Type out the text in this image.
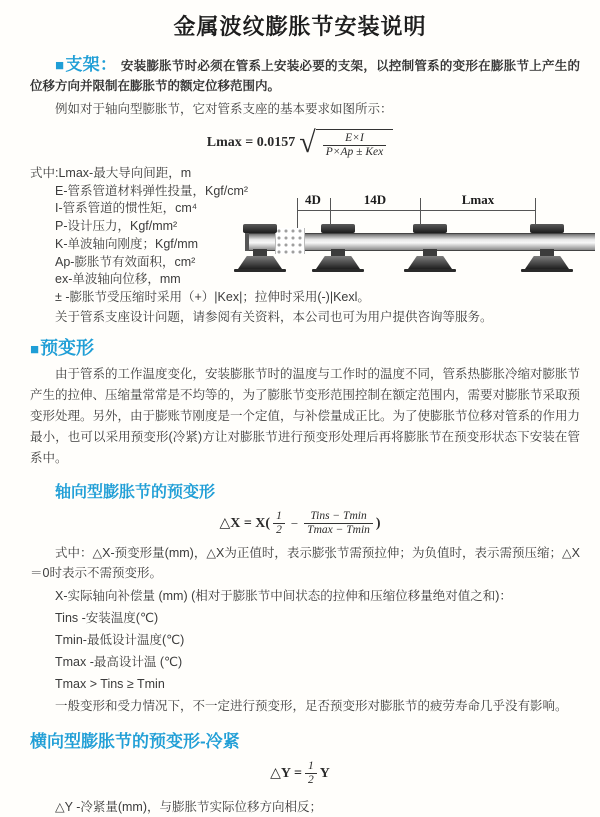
金属波纹膨胀节安装说明

■支架： 安装膨胀节时必须在管系上安装必要的支架，以控制管系的变形在膨胀节上产生的位移方向并限制在膨胀节的额定位移范围内。

例如对于轴向型膨胀节，它对管系支座的基本要求如图所示：

Lmax = 0.0157 √ $\frac{E\times I}{\text{P×Ap ± Kex}}$
式中:Lmax-最大导向间距，m
E-管系管道材料弹性投量，Kgf/cm²
I-管系管道的惯性矩，cm⁴
P-设计压力，Kgf/mm²
K-单波轴向刚度；Kgf/mm
Ap-膨胀节有效面积，cm²
ex-单波轴向位移，mm
± -膨胀节受压缩时采用（+）|Kex|；拉伸时采用(-)|Kexl。
关于管系支座设计问题，请参阅有关资料，本公司也可为用户提供咨询等服务。
4D	14D	Lmax

■预变形

由于管系的工作温度变化，安装膨胀节时的温度与工作时的温度不同，管系热膨胀冷缩对膨胀节产生的拉伸、压缩量常常是不均等的，为了膨胀节变形范围控制在额定范围内，需要对膨胀节采取预变形处理。另外，由于膨账节刚度是一个定值，与补偿量成正比。为了使膨胀节位移对管系的作用力最小，也可以采用预变形(冷紧)方让对膨胀节进行预变形处理后再将膨胀节在预变形状态下安装在管系中。

轴向型膨胀节的预变形
△X = $X( \frac{1}{2} - \frac{\text{Tins − Tmin}}{Tmax - Tmin}$ )

式中：△X-预变形量(mm)，△X为正值时，表示膨张节需预拉伸；为负值时，表示需预压缩；△X＝0时表示不需预变形。

X-实际轴向补偿量 (mm) (相对于膨胀节中间状态的拉伸和压缩位移量绝对值之和)：
Tins -安装温度(℃)
Tmin-最低设计温度(℃)
Tmax -最高设计温 (℃)
Tmax > Tins ≥ Tmin
一般变形和受力情况下，不一定进行预变形，足否预变形对膨胀节的疲劳寿命几乎没有影响。
横向型膨胀节的预变形-冷紧
△Y = $\frac{1}{2}$ Y

△Y -冷紧量(mm)，与膨胀节实际位移方向相反；
